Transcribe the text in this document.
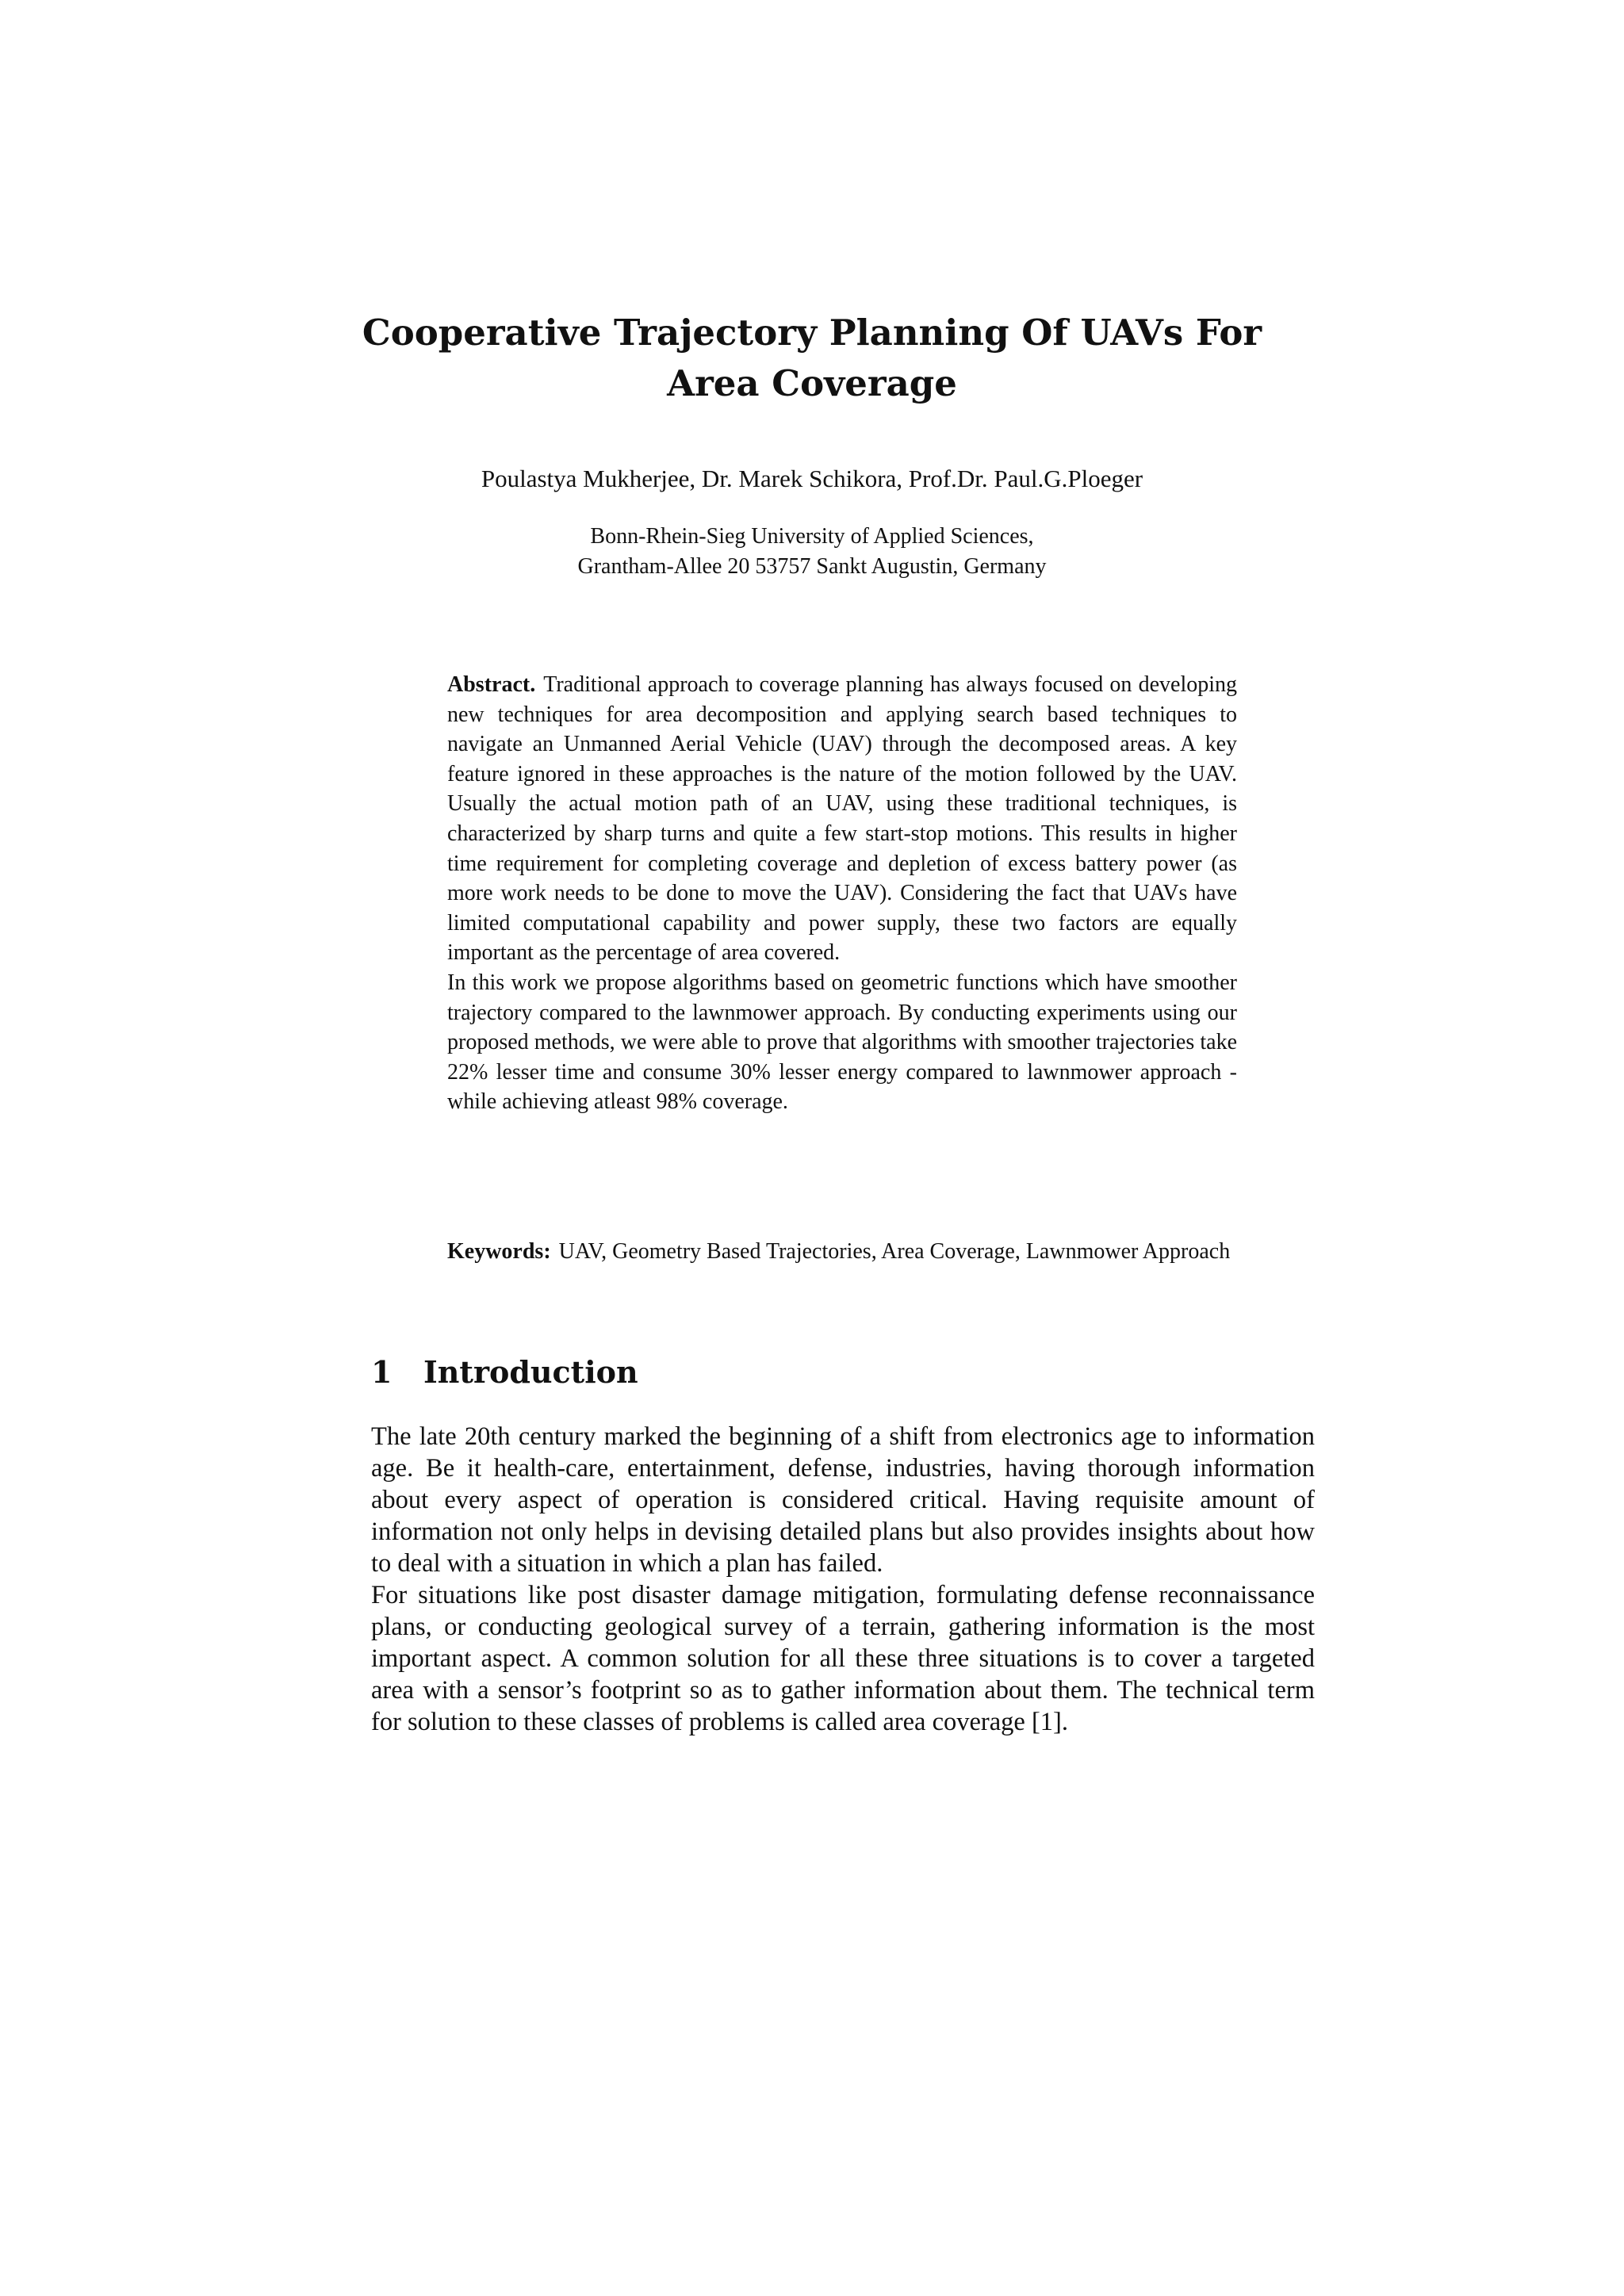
Cooperative Trajectory Planning Of UAVs For
Area Coverage
Poulastya Mukherjee, Dr. Marek Schikora, Prof.Dr. Paul.G.Ploeger
Bonn-Rhein-Sieg University of Applied Sciences,
Grantham-Allee 20 53757 Sankt Augustin, Germany

Abstract. Traditional approach to coverage planning has always focused on developing new techniques for area decomposition and applying search based techniques to navigate an Unmanned Aerial Vehicle (UAV) through the decomposed areas. A key feature ignored in these approaches is the nature of the motion followed by the UAV. Usually the actual motion path of an UAV, using these traditional techniques, is characterized by sharp turns and quite a few start-stop motions. This results in higher time requirement for completing coverage and depletion of excess battery power (as more work needs to be done to move the UAV). Considering the fact that UAVs have limited computational capability and power supply, these two factors are equally important as the percentage of area covered.

In this work we propose algorithms based on geometric functions which have smoother trajectory compared to the lawnmower approach. By conducting experiments using our proposed methods, we were able to prove that algorithms with smoother trajectories take 22% lesser time and consume 30% lesser energy compared to lawnmower approach - while achieving atleast 98% coverage.

Keywords: UAV, Geometry Based Trajectories, Area Coverage, Lawnmower Approach
1 Introduction

The late 20th century marked the beginning of a shift from electronics age to information age. Be it health-care, entertainment, defense, industries, having thorough information about every aspect of operation is considered critical. Having requisite amount of information not only helps in devising detailed plans but also provides insights about how to deal with a situation in which a plan has failed.

For situations like post disaster damage mitigation, formulating defense reconnaissance plans, or conducting geological survey of a terrain, gathering information is the most important aspect. A common solution for all these three situations is to cover a targeted area with a sensor’s footprint so as to gather information about them. The technical term for solution to these classes of problems is called area coverage [1].
